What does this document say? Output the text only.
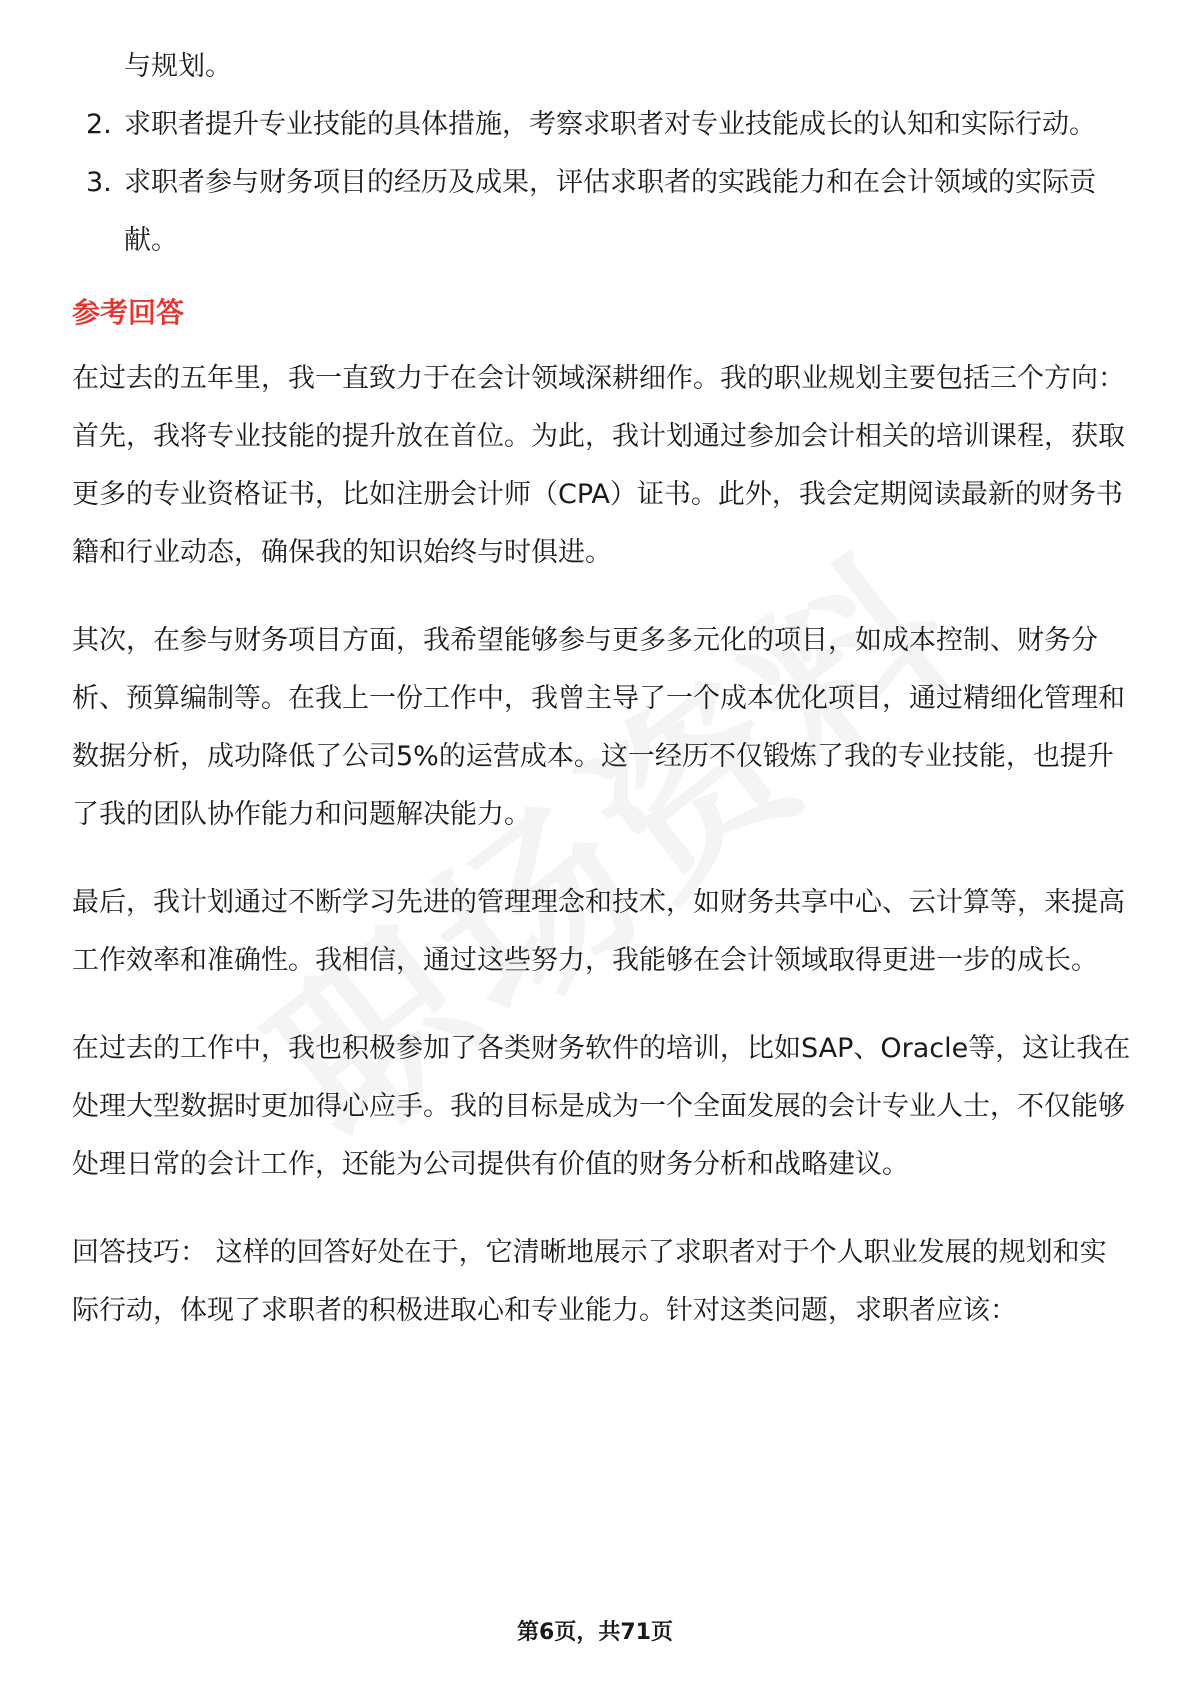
与规划。

2. 求职者提升专业技能的具体措施，考察求职者对专业技能成长的认知和实际行动。
3. 求职者参与财务项目的经历及成果，评估求职者的实践能力和在会计领域的实际贡献。
参考回答

在过去的五年里，我一直致力于在会计领域深耕细作。我的职业规划主要包括三个方向：首先，我将专业技能的提升放在首位。为此，我计划通过参加会计相关的培训课程，获取更多的专业资格证书，比如注册会计师（CPA）证书。此外，我会定期阅读最新的财务书籍和行业动态，确保我的知识始终与时俱进。

其次，在参与财务项目方面，我希望能够参与更多多元化的项目，如成本控制、财务分析、预算编制等。在我上一份工作中，我曾主导了一个成本优化项目，通过精细化管理和数据分析，成功降低了公司5%的运营成本。这一经历不仅锻炼了我的专业技能，也提升了我的团队协作能力和问题解决能力。

最后，我计划通过不断学习先进的管理理念和技术，如财务共享中心、云计算等，来提高工作效率和准确性。我相信，通过这些努力，我能够在会计领域取得更进一步的成长。

在过去的工作中，我也积极参加了各类财务软件的培训，比如SAP、Oracle等，这让我在处理大型数据时更加得心应手。我的目标是成为一个全面发展的会计专业人士，不仅能够处理日常的会计工作，还能为公司提供有价值的财务分析和战略建议。

回答技巧： 这样的回答好处在于，它清晰地展示了求职者对于个人职业发展的规划和实际行动，体现了求职者的积极进取心和专业能力。针对这类问题，求职者应该：

第6页，共71页
